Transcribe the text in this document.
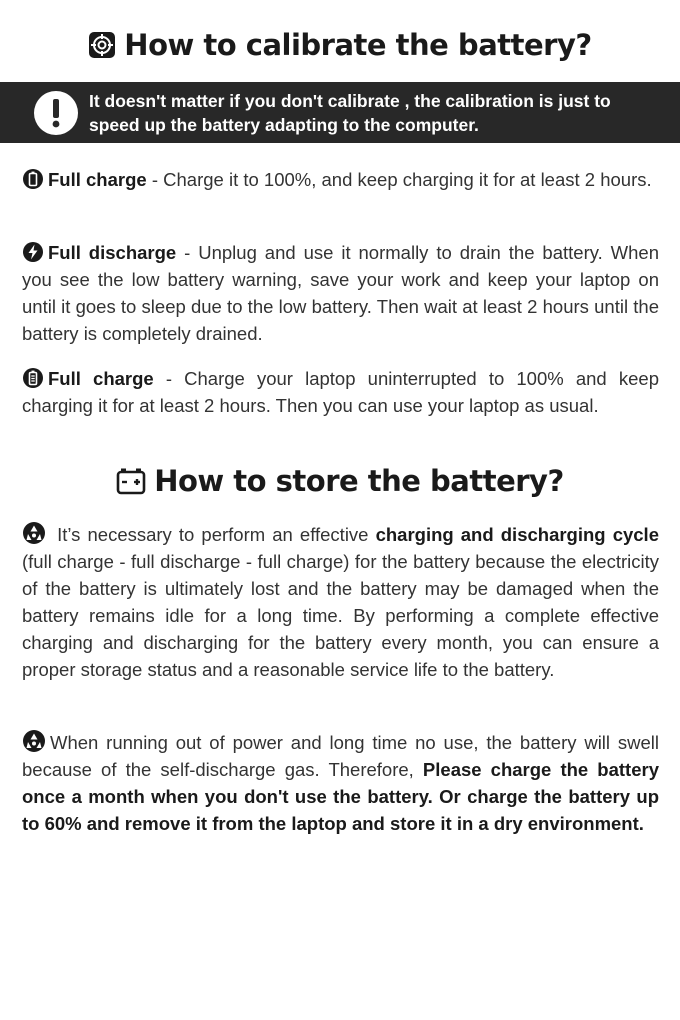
How to calibrate the battery?
It doesn't matter if you don't calibrate , the calibration is just to speed up the battery adapting to the computer.

Full charge - Charge it to 100%, and keep charging it for at least 2 hours.

Full discharge - Unplug and use it normally to drain the battery. When you see the low battery warning, save your work and keep your laptop on until it goes to sleep due to the low battery. Then wait at least 2 hours until the battery is completely drained.

Full charge - Charge your laptop uninterrupted to 100% and keep charging it for at least 2 hours. Then you can use your laptop as usual.

How to store the battery?

It’s necessary to perform an effective charging and discharging cycle (full charge - full discharge - full charge) for the battery because the electricity of the battery is ultimately lost and the battery may be damaged when the battery remains idle for a long time. By performing a complete effective charging and discharging for the battery every month, you can ensure a proper storage status and a reasonable service life to the battery.

When running out of power and long time no use, the battery will swell because of the self-discharge gas. Therefore, Please charge the battery once a month when you don't use the battery. Or charge the battery up to 60% and remove it from the laptop and store it in a dry environment.
